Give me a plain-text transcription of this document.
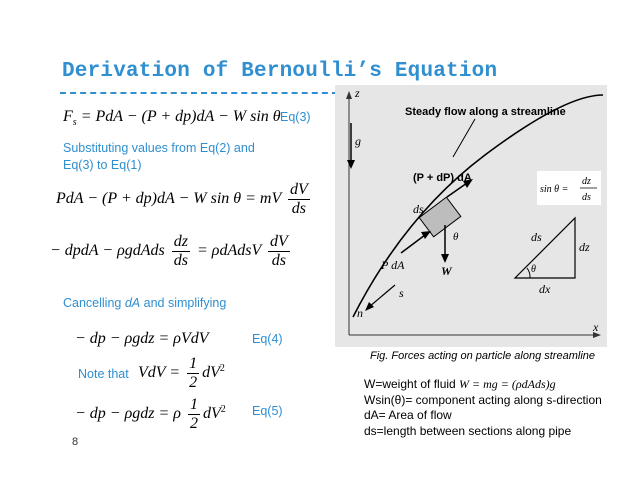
Derivation of Bernoulli’s Equation
$F_s$ = PdA − (P + dp)dA − W sin θ Eq(3)
Substituting values from Eq(2) and
Eq(3) to Eq(1)
PdA − (P + dp)dA − W sin θ = mV $\frac{dV}{ds}$
− dpdA − ρgdAds $\frac{dz}{ds}$ = ρdAdsV $\frac{dV}{ds}$
Cancelling dA and simplifying
− dp − ρgdz = ρVdV	Eq(4)
Note that VdV = $\frac{1}{2} dV^2$
− dp − ρgdz = ρ $\frac{1}{2} dV^2$ Eq(5)
8
z
x
g
Steady flow along a streamline
(P + dP) dA
P dA
ds
W
θ
n
s
θ
ds
dz
dx
sin θ =
dz
ds
Fig. Forces acting on particle along streamline
W=weight of fluid W = mg = (ρdAds)g
Wsin(θ)= component acting along s-direction
dA= Area of flow
ds=length between sections along pipe
